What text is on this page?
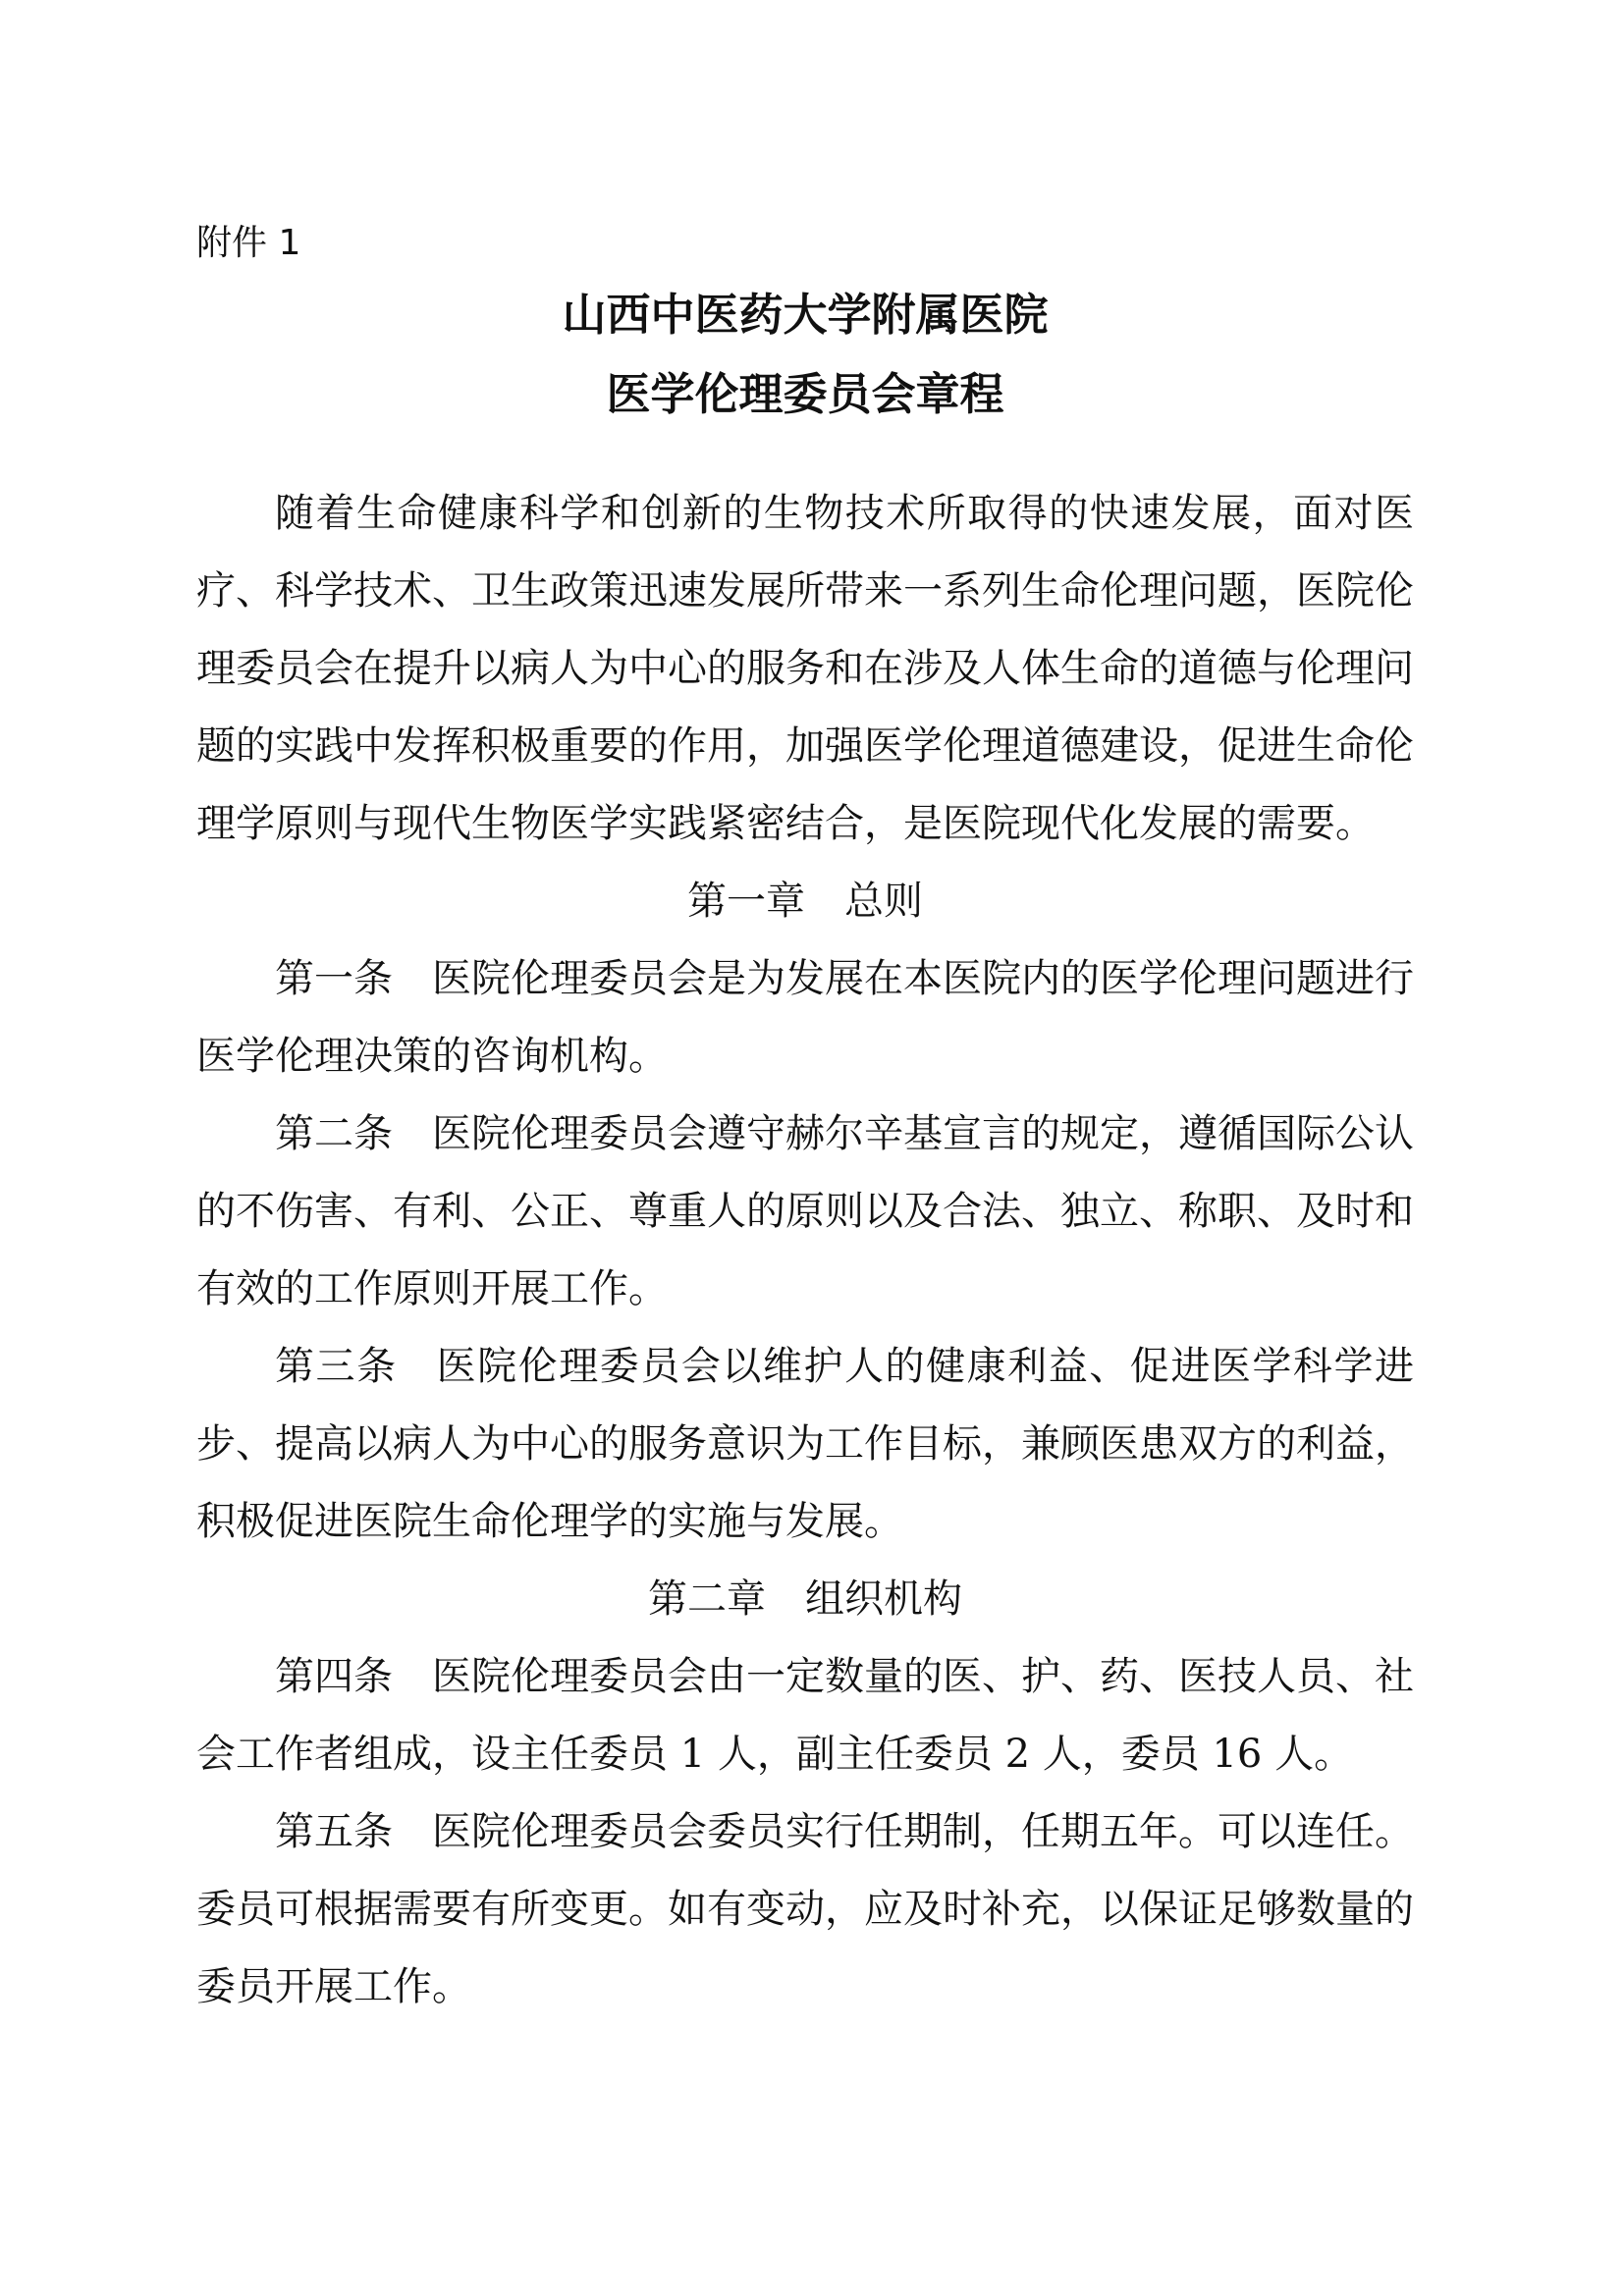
附件 1

山西中医药大学附属医院
医学伦理委员会章程

随着生命健康科学和创新的生物技术所取得的快速发展，面对医疗、科学技术、卫生政策迅速发展所带来一系列生命伦理问题，医院伦理委员会在提升以病人为中心的服务和在涉及人体生命的道德与伦理问题的实践中发挥积极重要的作用，加强医学伦理道德建设，促进生命伦理学原则与现代生物医学实践紧密结合，是医院现代化发展的需要。

第一章　总则

第一条 医院伦理委员会是为发展在本医院内的医学伦理问题进行医学伦理决策的咨询机构。

第二条 医院伦理委员会遵守赫尔辛基宣言的规定，遵循国际公认的不伤害、有利、公正、尊重人的原则以及合法、独立、称职、及时和有效的工作原则开展工作。

第三条 医院伦理委员会以维护人的健康利益、促进医学科学进步、提高以病人为中心的服务意识为工作目标，兼顾医患双方的利益，积极促进医院生命伦理学的实施与发展。

第二章　组织机构

第四条 医院伦理委员会由一定数量的医、护、药、医技人员、社会工作者组成，设主任委员 1 人，副主任委员 2 人，委员 16 人。

第五条 医院伦理委员会委员实行任期制，任期五年。可以连任。委员可根据需要有所变更。如有变动，应及时补充，以保证足够数量的委员开展工作。
